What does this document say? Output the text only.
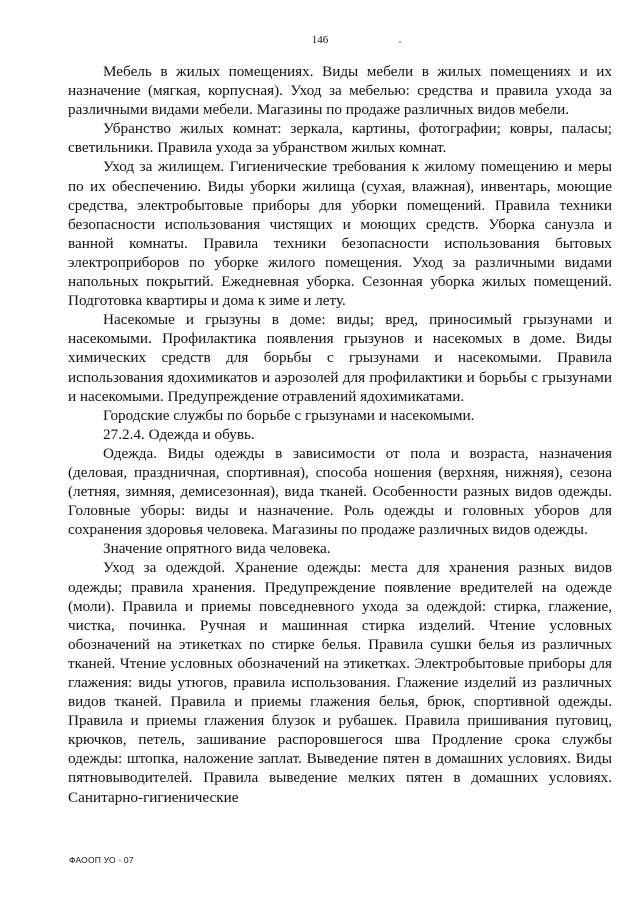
146

Мебель в жилых помещениях. Виды мебели в жилых помещениях и их назначение (мягкая, корпусная). Уход за мебелью: средства и правила ухода за различными видами мебели. Магазины по продаже различных видов мебели.

Убранство жилых комнат: зеркала, картины, фотографии; ковры, паласы; светильники. Правила ухода за убранством жилых комнат.

Уход за жилищем. Гигиенические требования к жилому помещению и меры по их обеспечению. Виды уборки жилища (сухая, влажная), инвентарь, моющие средства, электробытовые приборы для уборки помещений. Правила техники безопасности использования чистящих и моющих средств. Уборка санузла и ванной комнаты. Правила техники безопасности использования бытовых электроприборов по уборке жилого помещения. Уход за различными видами напольных покрытий. Ежедневная уборка. Сезонная уборка жилых помещений. Подготовка квартиры и дома к зиме и лету.

Насекомые и грызуны в доме: виды; вред, приносимый грызунами и насекомыми. Профилактика появления грызунов и насекомых в доме. Виды химических средств для борьбы с грызунами и насекомыми. Правила использования ядохимикатов и аэрозолей для профилактики и борьбы с грызунами и насекомыми. Предупреждение отравлений ядохимикатами.

Городские службы по борьбе с грызунами и насекомыми.

27.2.4. Одежда и обувь.

Одежда. Виды одежды в зависимости от пола и возраста, назначения (деловая, праздничная, спортивная), способа ношения (верхняя, нижняя), сезона (летняя, зимняя, демисезонная), вида тканей. Особенности разных видов одежды. Головные уборы: виды и назначение. Роль одежды и головных уборов для сохранения здоровья человека. Магазины по продаже различных видов одежды.

Значение опрятного вида человека.

Уход за одеждой. Хранение одежды: места для хранения разных видов одежды; правила хранения. Предупреждение появление вредителей на одежде (моли). Правила и приемы повседневного ухода за одеждой: стирка, глажение, чистка, починка. Ручная и машинная стирка изделий. Чтение условных обозначений на этикетках по стирке белья. Правила сушки белья из различных тканей. Чтение условных обозначений на этикетках. Электробытовые приборы для глажения: виды утюгов, правила использования. Глажение изделий из различных видов тканей. Правила и приемы глажения белья, брюк, спортивной одежды. Правила и приемы глажения блузок и рубашек. Правила пришивания пуговиц, крючков, петель, зашивание распоровшегося шва Продление срока службы одежды: штопка, наложение заплат. Выведение пятен в домашних условиях. Виды пятновыводителей. Правила выведение мелких пятен в домашних условиях. Санитарно-гигиенические

ФАООП УО - 07
